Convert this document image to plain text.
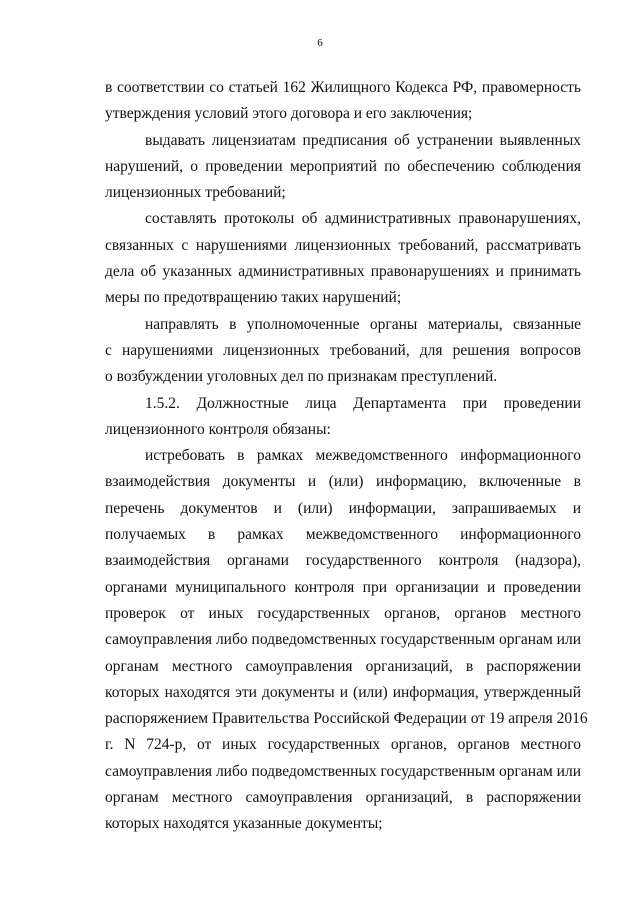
6
в соответствии со статьей 162 Жилищного Кодекса РФ, правомерность
утверждения условий этого договора и его заключения;
выдавать лицензиатам предписания об устранении выявленных
нарушений, о проведении мероприятий по обеспечению соблюдения
лицензионных требований;
составлять протоколы об административных правонарушениях,
связанных с нарушениями лицензионных требований, рассматривать
дела об указанных административных правонарушениях и принимать
меры по предотвращению таких нарушений;
направлять в уполномоченные органы материалы, связанные
с нарушениями лицензионных требований, для решения вопросов
о возбуждении уголовных дел по признакам преступлений.
1.5.2. Должностные лица Департамента при проведении
лицензионного контроля обязаны:
истребовать в рамках межведомственного информационного
взаимодействия документы и (или) информацию, включенные в
перечень документов и (или) информации, запрашиваемых и
получаемых в рамках межведомственного информационного
взаимодействия органами государственного контроля (надзора),
органами муниципального контроля при организации и проведении
проверок от иных государственных органов, органов местного
самоуправления либо подведомственных государственным органам или
органам местного самоуправления организаций, в распоряжении
которых находятся эти документы и (или) информация, утвержденный
распоряжением Правительства Российской Федерации от 19 апреля 2016
г. N 724-р, от иных государственных органов, органов местного
самоуправления либо подведомственных государственным органам или
органам местного самоуправления организаций, в распоряжении
которых находятся указанные документы;
